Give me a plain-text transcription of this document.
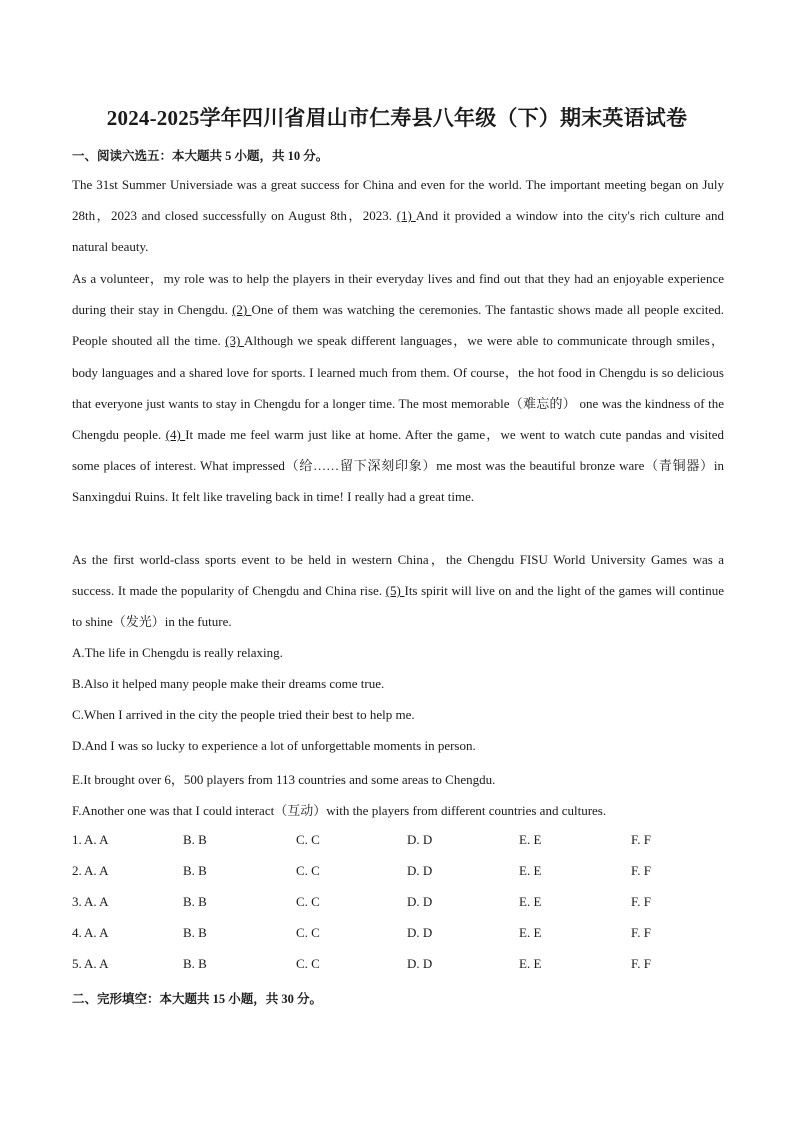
2024-2025学年四川省眉山市仁寿县八年级（下）期末英语试卷
一、阅读六选五：本大题共 5 小题，共 10 分。
The 31st Summer Universiade was a great success for China and even for the world. The important meeting began on July 28th，2023 and closed successfully on August 8th，2023. (1) And it provided a window into the city's rich culture and natural beauty.
As a volunteer，my role was to help the players in their everyday lives and find out that they had an enjoyable experience during their stay in Chengdu. (2) One of them was watching the ceremonies. The fantastic shows made all people excited. People shouted all the time. (3) Although we speak different languages，we were able to communicate through smiles，body languages and a shared love for sports. I learned much from them. Of course，the hot food in Chengdu is so delicious that everyone just wants to stay in Chengdu for a longer time. The most memorable（难忘的） one was the kindness of the Chengdu people. (4) It made me feel warm just like at home. After the game，we went to watch cute pandas and visited some places of interest. What impressed（给……留下深刻印象）me most was the beautiful bronze ware（青铜器）in Sanxingdui Ruins. It felt like traveling back in time! I really had a great time.
As the first world-class sports event to be held in western China，the Chengdu FISU World University Games was a success. It made the popularity of Chengdu and China rise. (5) Its spirit will live on and the light of the games will continue to shine（发光）in the future.
A.The life in Chengdu is really relaxing.
B.Also it helped many people make their dreams come true.
C.When I arrived in the city the people tried their best to help me.
D.And I was so lucky to experience a lot of unforgettable moments in person.
E.It brought over 6，500 players from 113 countries and some areas to Chengdu.
F.Another one was that I could interact（互动）with the players from different countries and cultures.
1. A. A	B. B	C. C	D. D	E. E	F. F
2. A. A	B. B	C. C	D. D	E. E	F. F
3. A. A	B. B	C. C	D. D	E. E	F. F
4. A. A	B. B	C. C	D. D	E. E	F. F
5. A. A	B. B	C. C	D. D	E. E	F. F
二、完形填空：本大题共 15 小题，共 30 分。
